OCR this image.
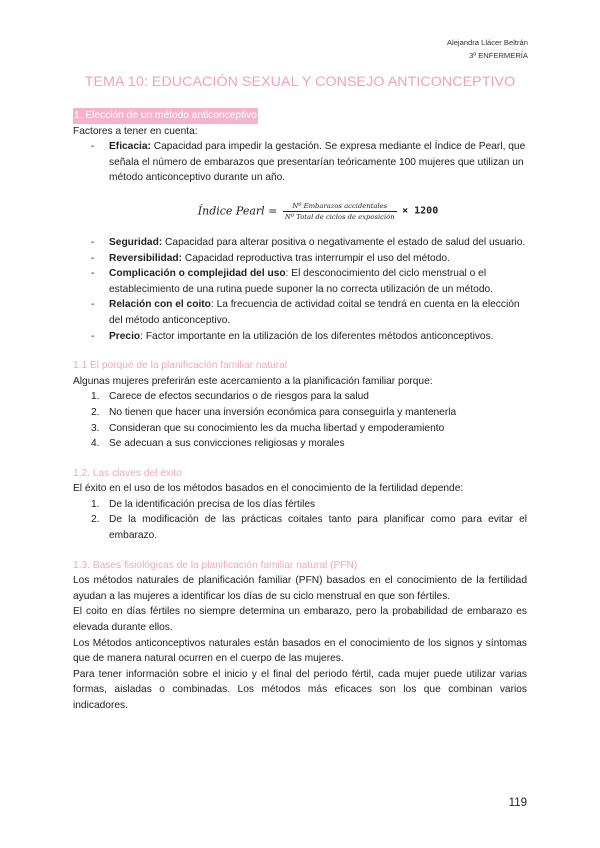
Alejandra Llácer Beltrán
3º ENFERMERÍA
TEMA 10: EDUCACIÓN SEXUAL Y CONSEJO ANTICONCEPTIVO
1. Elección de un método anticonceptivo
Factores a tener en cuenta:
- Eficacia: Capacidad para impedir la gestación. Se expresa mediante el Índice de Pearl, que señala el número de embarazos que presentarían teóricamente 100 mujeres que utilizan un método anticonceptivo durante un año.
Índice Pearl = $\frac{\text{Nº Embarazos accidentales}}{\text{Nº Total de ciclos de exposición}} \times 1200$
- Seguridad: Capacidad para alterar positiva o negativamente el estado de salud del usuario.
- Reversibilidad: Capacidad reproductiva tras interrumpir el uso del método.
- Complicación o complejidad del uso: El desconocimiento del ciclo menstrual o el establecimiento de una rutina puede suponer la no correcta utilización de un método.
- Relación con el coito: La frecuencia de actividad coital se tendrá en cuenta en la elección del método anticonceptivo.
- Precio: Factor importante en la utilización de los diferentes métodos anticonceptivos.
1.1 El porqué de la planificación familiar natural
Algunas mujeres preferirán este acercamiento a la planificación familiar porque:
1. Carece de efectos secundarios o de riesgos para la salud
2. No tienen que hacer una inversión económica para conseguirla y mantenerla
3. Consideran que su conocimiento les da mucha libertad y empoderamiento
4. Se adecuan a sus convicciones religiosas y morales
1.2. Las claves del éxito
El éxito en el uso de los métodos basados en el conocimiento de la fertilidad depende:
1. De la identificación precisa de los días fértiles
2. De la modificación de las prácticas coitales tanto para planificar como para evitar el embarazo.
1.3. Bases fisiológicas de la planificación familiar natural (PFN)
Los métodos naturales de planificación familiar (PFN) basados en el conocimiento de la fertilidad ayudan a las mujeres a identificar los días de su ciclo menstrual en que son fértiles.
El coito en días fértiles no siempre determina un embarazo, pero la probabilidad de embarazo es elevada durante ellos.
Los Métodos anticonceptivos naturales están basados en el conocimiento de los signos y síntomas que de manera natural ocurren en el cuerpo de las mujeres.
Para tener información sobre el inicio y el final del periodo fértil, cada mujer puede utilizar varias formas, aisladas o combinadas. Los métodos más eficaces son los que combinan varios indicadores.
119
